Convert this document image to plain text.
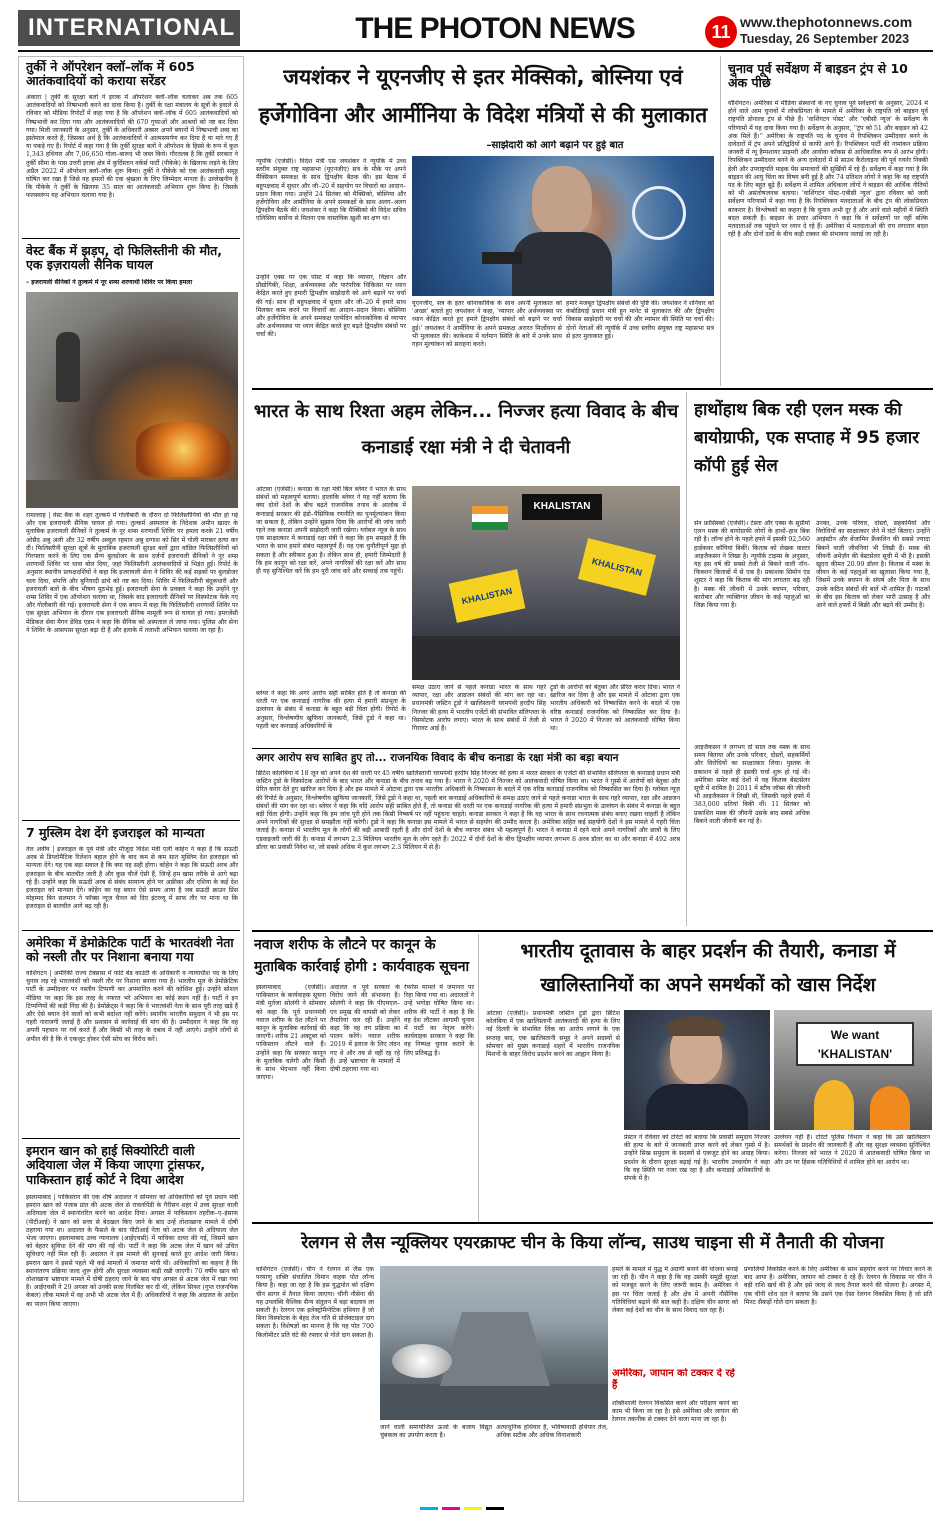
INTERNATIONAL	THE PHOTON NEWS	11 www.thephotonnews.com
Tuesday, 26 September 2023
तुर्की ने ऑपरेशन क्लॉ–लॉक में 605 आतंकवादियों को कराया सरेंडर
अंकारा | तुर्की के सुरक्षा बलों ने इराक में ऑपरेशन क्लॉ–लॉक चलाकर अब तक 605 आतंकवादियों को निष्प्रभावी करने का दावा किया है। तुर्की के रक्षा मंत्रालय के सूत्रों के हवाले से रविवार को मीडिया रिपोर्टों में कहा गया है कि ऑपरेशन क्लॉ–लॉक में 605 आतंकवादियों को निष्प्रभावी कर दिया गया और आतंकवादियों की 670 गुफाओं और आश्रयों को नष्ट कर दिया गया। मिली जानकारी के अनुसार, तुर्की के अधिकारी अक्सर अपने बयानों में निष्प्रभावी शब्द का इस्तेमाल करते हैं, जिसका अर्थ है कि आतंकवादियों ने आत्मसमर्पण कर दिया है या मारे गए हैं या पकड़े गए हैं। रिपोर्ट में कहा गया है कि तुर्की सुरक्षा बलों ने ऑपरेशन के हिस्से के रूप में कुल 1,343 हथियार और 7,06,650 गोला–बारूद भी जब्त किये। गौरतलब है कि तुर्की सरकार ने तुर्की सीमा के पास उत्तरी इराक क्षेत्र में कुर्दिस्तान वर्कर्स पार्टी (पीकेके) के खिलाफ लड़ने के लिए अप्रैल 2022 में ऑपरेशन क्लॉ–लॉक शुरू किया। तुर्की ने पीकेके को एक आतंकवादी समूह घोषित कर रखा है जिसे वह हमलों की एक श्रृंखला के लिए जिम्मेदार मानता है। उल्लेखनीय है कि पीकेके ने तुर्की के खिलाफ 35 साल का आतंकवादी अभियान शुरू किया है। जिसके फलस्वरूप यह अभियान चलाया गया है।
वेस्ट बैंक में झड़प, दो फिलिस्तीनी की मौत, एक इज़रायली सैनिक घायल
– इजरायली सैनिकों ने तुल्कर्म में नूर शम्स शरणार्थी शिविर पर किया हमला
रामल्लाह | वेस्ट बैंक के शहर तुल्कर्म में गोलीबारी के दौरान दो फिलिस्तीनियों की मौत हो गई और एक इजरायली सैनिक घायल हो गया। तुल्कर्म अस्पताल के निदेशक अमीन खादर के मुताबिक इजरायली सैनिकों ने तुल्कर्म के नूर शम्स शरणार्थी शिविर पर हमला करके 21 वर्षीय ओसैद अबु अली और 32 वर्षीय अब्दुल रहमान अबु दग्गाश को सिर में गोली मारकर हत्या कर दी। फिलिस्तीनी सुरक्षा सूत्रों के मुताबिक इजरायली सुरक्षा बलों द्वारा वांछित फिलिस्तीनियों को गिरफ्तार करने के लिए एक सैन्य बुलडोजर के साथ दर्जनों इजरायली सैनिकों ने नूर शम्स शरणार्थी शिविर पर धावा बोल दिया, जहां फिलिस्तीनी आतंकवादियों से भिड़ंत हुई। रिपोर्ट के अनुसार स्थानीय प्रत्यक्षदर्शियों ने कहा कि इजरायली सेना ने शिविर की कई सड़कों पर बुलडोजर चला दिया, संपत्ति और बुनियादी ढांचे को नष्ट कर दिया। शिविर में फिलिस्तीनी बंदूकधारी और इजरायली बलों के बीच भीषण मुठभेड़ हुई। इजरायली सेना के प्रवक्ता ने कहा कि उन्होंने नूर शम्स शिविर में एक ऑपरेशन चलाया था, जिसके बाद इजरायली सैनिकों पर विस्फोटक फेंके गए और गोलीबारी की गई। इजरायली सेना ने एक बयान में कहा कि फिलिस्तीनी शरणार्थी शिविर पर एक सुरक्षा अभियान के दौरान एक इजरायली सैनिक मामूली रूप से घायल हो गया। इमरजेंसी मेडिकल सेवा मैगन डेविड एडम ने कहा कि सैनिक को अस्पताल ले जाया गया। पुलिस और सेना ने शिविर के आसपास सुरक्षा बढ़ा दी है और इलाके में तलाशी अभियान चलाया जा रहा है।
7 मुस्लिम देश देंगे इजराइल को मान्यता
तेल अवीव | इजराइल के पूर्व मंत्री और मौजूदा विदेश मंत्री एली कोहेन ने कहा है कि सऊदी अरब से डिप्लोमैटिक रिलेशन बहाल होने के बाद कम से कम सात मुस्लिम देश इजराइल को मान्यता देंगे। यह एक बड़ा सवाल है कि क्या यह सही होगा। कोहेन ने कहा कि सऊदी अरब और इजराइल के बीच बातचीत जारी है और कुछ चीजें ऐसी हैं, जिन्हें हम खास तरीके से आगे बढ़ा रहे हैं। उन्होंने कहा कि सऊदी अरब से संबंध सामान्य होने पर अफ्रीका और एशिया के कई देश इजराइल को मान्यता देंगे। कोहेन का यह बयान ऐसे समय आया है जब सऊदी क्राउन प्रिंस मोहम्मद बिन सलमान ने फॉक्स न्यूज चैनल को दिए इंटरव्यू में साफ तौर पर माना था कि इजराइल से बातचीत आगे बढ़ रही है।
अमेरिका में डेमोक्रेटिक पार्टी के भारतवंशी नेता को नस्ली तौर पर निशाना बनाया गया
वाशिंगटन | अमेरिकी राज्य टेक्सास में फोर्ट बेंड काउंटी के अधिकारी व न्यायाधीश पद के लिए चुनाव लड़ रहे भारतवंशी को नस्ली तौर पर निशाना बनाया गया है। भारतीय मूल के डेमोक्रेटिक पार्टी के उम्मीदवार पर नस्लीय टिप्पणी कर अपमानित करने की कोशिश हुई। उन्होंने सोशल मीडिया पर कहा कि इस तरह के नफरत भरे अभियान का कोई स्थान नहीं है। पार्टी ने इन टिप्पणियों की कड़ी निंदा की है। डेमोक्रेट्स ने कहा कि वे भारतवंशी नेता के साथ पूरी तरह खड़े हैं और ऐसे बयान देने वालों को कभी बर्दाश्त नहीं करेंगे। स्थानीय भारतीय समुदाय ने भी इस पर गहरी नाराजगी जताई है और प्रशासन से कार्रवाई की मांग की है। उम्मीदवार ने कहा कि वह अपनी पहचान पर गर्व करते हैं और किसी भी तरह के दबाव में नहीं आएंगे। उन्होंने लोगों से अपील की है कि वे एकजुट होकर ऐसी सोच का विरोध करें।
इमरान खान को हाई सिक्योरिटी वाली अदियाला जेल में किया जाएगा ट्रांसफर, पाकिस्तान हाई कोर्ट ने दिया आदेश
इस्लामाबाद | पाकिस्तान की एक शीर्ष अदालत ने सोमवार को अधिकारियों को पूर्व प्रधान मंत्री इमरान खान को पंजाब प्रांत की अटक जेल से रावलपिंडी के गैरीसन शहर में उच्च सुरक्षा वाली अदियाला जेल में स्थानांतरित करने का आदेश दिया। अगस्त में पाकिस्तान तहरीक–ए–इंसाफ (पीटीआई) ने खान को सत्ता से बेदखल किए जाने के बाद उन्हें तोशाखाना मामले में दोषी ठहराया गया था। अदालत के फैसले के बाद पीटीआई नेता को अटक जेल से अदियाला जेल भेजा जाएगा। इस्लामाबाद उच्च न्यायालय (आईएचसी) में याचिका दायर की गई, जिसमें खान को बेहतर सुविधा देने की मांग की गई थी। पार्टी ने कहा कि अटक जेल में खान को उचित सुविधाएं नहीं मिल रही हैं। अदालत ने इस मामले की सुनवाई करते हुए आदेश जारी किया। इमरान खान ने इससे पहले भी कई मामलों में जमानत मांगी थी। अधिकारियों का कहना है कि स्थानांतरण प्रक्रिया जल्द शुरू होगी और सुरक्षा व्यवस्था कड़ी रखी जाएगी। 70 वर्षीय खान को तोशाखाना भ्रष्टाचार मामले में दोषी ठहराए जाने के बाद पांच अगस्त से अटक जेल में रखा गया है। आईएचसी ने 29 अगस्त को उनकी सजा निलंबित कर दी थी, लेकिन सिफर (गुप्त राजनयिक केबल) लीक मामले में वह अभी भी अटक जेल में हैं। अधिकारियों ने कहा कि अदालत के आदेश का पालन किया जाएगा।
जयशंकर ने यूएनजीए से इतर मेक्सिको, बोस्निया एवं हर्जेगोविना और आर्मीनिया के विदेश मंत्रियों से की मुलाकात
–साझेदारी को आगे बढ़ाने पर हुई बात
न्यूयॉर्क (एजेंसी)। विदेश मंत्री एस जयशंकर ने न्यूयॉर्क में उच्च स्तरीय संयुक्त राष्ट्र महासभा (यूएनजीए) सत्र के मौके पर अपने मैक्सिकन समकक्ष के साथ द्विपक्षीय बैठक की। इस बैठक में बहुपक्षवाद में सुधार और जी–20 में सहयोग पर विचारों का आदान–प्रदान किया गया। उन्होंने 24 सितंबर को मैक्सिको, बोस्निया और हर्जेगोविना और आर्मीनिया के अपने समकक्षों के साथ अलग–अलग द्विपक्षीय बैठकें कीं। जयशंकर ने कहा कि मैक्सिको की विदेश सचिव एलिसिया बार्सेना से मिलना एक वास्तविक खुशी का क्षण था।
उन्होंने एक्स पर एक पोस्ट में कहा कि व्यापार, विज्ञान और प्रौद्योगिकी, शिक्षा, अर्थव्यवस्था और पारंपरिक चिकित्सा पर ध्यान केंद्रित करते हुए हमारी द्विपक्षीय साझेदारी को आगे बढ़ाने पर चर्चा की गई। साथ ही बहुपक्षवाद में सुधार और जी–20 में हमारे साथ मिलकर काम करने पर विचारों का आदान–प्रदान किया। बोस्निया और हर्जेगोविना के अपने समकक्ष एल्मेदिन कोनाकोविक से व्यापार और अर्थव्यवस्था पर ध्यान केंद्रित करते हुए बढ़ते द्विपक्षीय संबंधों पर चर्चा की।
यूएनजीए, सत्र के इतर कोनाकोविक के साथ अपनी मुलाकात को 'अच्छा' बताते हुए जयशंकर ने कहा, 'व्यापार और अर्थव्यवस्था पर ध्यान केंद्रित करते हुए हमारे द्विपक्षीय संबंधों को बढ़ाने पर चर्चा हुई।' जयशंकर ने आर्मीनिया के अपने समकक्ष अरारत मिर्ज़ोयान से भी मुलाकात की। काकेशस में वर्तमान स्थिति के बारे में उनके साथ गहन मूल्यांकन को सराहना करते।
हमारे मजबूत द्विपक्षीय संबंधों की पुष्टि की। जयशंकर ने शनिवार को कंबोडियाई प्रधान मंत्री हुन मानेट से मुलाकात की और द्विपक्षीय विकास साझेदारी पर चर्चा की और म्यांमार की स्थिति पर चर्चा की। दोनों नेताओं की न्यूयॉर्क में उच्च स्तरीय संयुक्त राष्ट्र महासभा सत्र से इतर मुलाकात हुई।
चुनाव पूर्व सर्वेक्षण में बाइडन ट्रंप से 10 अंक पीछे
वॉशिंगटन। अमेरिका में मीडिया संस्थानों के नए चुनाव पूर्व सर्वेक्षणों के अनुसार, 2024 में होने वाले आम चुनावों में लोकप्रियता के मामले में अमेरिका के राष्ट्रपति जो बाइडन पूर्व राष्ट्रपति डोनाल्ड ट्रंप से पीछे हैं। 'वाशिंगटन पोस्ट' और 'एबीसी न्यूज' के सर्वेक्षण के परिणामों में यह दावा किया गया है। सर्वेक्षण के अनुसार, ''ट्रंप को 51 और बाइडन को 42 अंक मिले हैं।'' अमेरिका के राष्ट्रपति पद के चुनाव में रिपब्लिकन उम्मीदवार बनने के दावेदारों में ट्रंप अपने प्रतिद्वंदियों से काफी आगे हैं। रिपब्लिकन पार्टी की नामांकन प्रक्रिया जनवरी में न्यू हैम्पशायर प्राइमरी और आयोवा कॉकस से आधिकारिक रूप से आरंभ होगी। रिपब्लिकन उम्मीदवार बनने के अन्य दावेदारों में से साउथ कैरोलाइना की पूर्व गवर्नर निक्की हेली और उपराष्ट्रपति माइक पेंस समाचारों की सुर्खियों में रहे हैं। सर्वेक्षण में कहा गया है कि बाइडन की आयु चिंता का विषय बनी हुई है और 74 प्रतिशत लोगों ने कहा कि वह राष्ट्रपति पद के लिए बहुत बूढ़े हैं। सर्वेक्षण में शामिल अधिकतर लोगों ने बाइडन की आर्थिक नीतियों को भी असंतोषजनक बताया। 'वाशिंगटन पोस्ट–एबीसी न्यूज' द्वारा रविवार को जारी सर्वेक्षण परिणामों में कहा गया है कि रिपब्लिकन मतदाताओं के बीच ट्रंप की लोकप्रियता बरकरार है। विश्लेषकों का कहना है कि चुनाव अभी दूर है और आने वाले महीनों में स्थिति बदल सकती है। बाइडन के प्रचार अभियान ने कहा कि वे सर्वेक्षणों पर नहीं बल्कि मतदाताओं तक पहुंचने पर ध्यान दे रहे हैं। अमेरिका में मतदाताओं की राय लगातार बदल रही है और दोनों दलों के बीच कड़ी टक्कर की संभावना जताई जा रही है।
भारत के साथ रिश्ता अहम लेकिन... निज्जर हत्या विवाद के बीच कनाडाई रक्षा मंत्री ने दी चेतावनी
ओटावा (एजेंसी)। कनाडा के रक्षा मंत्री बिल ब्लेयर ने भारत के साथ संबंधों को महत्वपूर्ण बताया। हालांकि ब्लेयर ने यह नहीं बताया कि क्या दोनों देशों के बीच बढ़ते राजनयिक तनाव के आलोक में कनाडाई सरकार की इंडो–पैसिफिक रणनीति का पुनर्मूल्यांकन किया जा सकता है, लेकिन उन्होंने सुझाव दिया कि आरोपों की जांच जारी रहने तक कनाडा अपनी साझेदारी जारी रखेगा। ग्लोबल न्यूज के साथ एक साक्षात्कार में कनाडाई रक्षा मंत्री ने कहा कि हम समझते हैं कि भारत के साथ हमारे संबंध महत्वपूर्ण हैं। यह एक चुनौतीपूर्ण मुद्दा हो सकता है और स्वीकार हुआ है। लेकिन साथ ही, हमारी जिम्मेदारी है कि हम कानून को रक्षा करें, अपने नागरिकों की रक्षा करें और साथ ही यह सुनिश्चित करें कि हम पूरी जांच करें और सच्चाई तक पहुंचें।
ब्लेयर ने कहा कि अगर आरोप सही साबित होते हैं तो कनाडा की धरती पर एक कनाडाई नागरिक की हत्या में हमारी संप्रभुता के उल्लंघन के संबंध में कनाडा के बहुत बड़ी चिंता होगी। रिपोर्ट के अनुसार, विश्लेषणीय खुफिया जानकारी, जिसे ट्रूडो ने कहा था। पहली बार कनाडाई अधिकारियों के
KHALISTAN
KHALISTAN
KHALISTAN
समक्ष उठाए जाने से पहले कनाडा भारत के साथ गहरे व्यापार, रक्षा और आव्रजन संबंधों की मांग कर रहा था। प्रधानमंत्री जस्टिन ट्रूडो ने खालिस्तानी चरमपंथी हरदीप सिंह निज्जर की हत्या में भारतीय एजेंटों की संभावित संलिप्तता के विस्फोटक आरोप लगाए। भारत के साथ संबंधों में तेजी से गिरावट आई है।
ट्रूडो के आरोपों को बेतुका और प्रेरित करार दिया। भारत ने खारिज कर दिया है और इस मामले में ओटावा द्वारा एक भारतीय अधिकारी को निष्कासित करने के बदले में एक वरिष्ठ कनाडाई राजनयिक को निष्कासित कर दिया है। भारत ने 2020 में निज्जर को आतंकवादी घोषित किया था।
अगर आरोप सच साबित हुए तो... राजनयिक विवाद के बीच कनाडा के रक्षा मंत्री का बड़ा बयान
ब्रिटिश कोलंबिया में 18 जून को अपने देश की धरती पर 45 वर्षीय खालिस्तानी चरमपंथी हरदीप सिंह निज्जर की हत्या में भारत सरकार के एजेंटों की संभावित संलिप्तता के कनाडाई प्रधान मंत्री जस्टिन ट्रूडो के विस्फोटक आरोपों के बाद भारत और कनाडा के बीच तनाव बढ़ गया है। भारत ने 2020 में निज्जर को आतंकवादी घोषित किया था। भारत ने गुस्से में आरोपों को बेतुका और प्रेरित करार देते हुए खारिज कर दिया है और इस मामले में ओटावा द्वारा एक भारतीय अधिकारी के निष्कासन के बदले में एक वरिष्ठ कनाडाई राजनयिक को निष्कासित कर दिया है। ग्लोबल न्यूज़ की रिपोर्ट के अनुसार, विश्लेषणीय खुफिया जानकारी, जिसे ट्रूडो ने कहा था, पहली बार कनाडाई अधिकारियों के समक्ष उठाए जाने से पहले कनाडा भारत के साथ गहरे व्यापार, रक्षा और आव्रजन संबंधों की मांग कर रहा था। ब्लेयर ने कहा कि यदि आरोप सही साबित होते हैं, तो कनाडा की धरती पर एक कनाडाई नागरिक की हत्या में हमारी संप्रभुता के उल्लंघन के संबंध में कनाडा के बहुत बड़ी चिंता होगी। उन्होंने कहा कि हम जांच पूरी होने तक किसी निष्कर्ष पर नहीं पहुंचना चाहते। कनाडा सरकार ने कहा है कि वह भारत के साथ रचनात्मक संबंध बनाए रखना चाहती है लेकिन अपने नागरिकों की सुरक्षा से समझौता नहीं करेगी। ट्रूडो ने कहा कि कनाडा इस मामले में भारत से सहयोग की उम्मीद करता है। अमेरिका सहित कई सहयोगी देशों ने इस मामले में गहरी चिंता जताई है। कनाडा में भारतीय मूल के लोगों की बड़ी आबादी रहती है और दोनों देशों के बीच व्यापार संबंध भी महत्वपूर्ण हैं। भारत ने कनाडा में रहने वाले अपने नागरिकों और छात्रों के लिए एडवाइजरी जारी की है। कनाडा में लगभग 2.3 मिलियन भारतीय मूल के लोग रहते हैं। 2022 में दोनों देशों के बीच द्विपक्षीय व्यापार लगभग 8 अरब डॉलर का था और कनाडा में 492 अरब डॉलर का प्रवासी निवेश था, जो सबसे अधिक में कुल लगभग 2.3 मिलियन में से है।
हाथोंहाथ बिक रही एलन मस्क की बायोग्राफी, एक सप्ताह में 95 हजार कॉपी हुई सेल
सेन फ्रांसिस्को (एजेंसी)। टेस्ला और एक्स के सुप्रीमो एलन मस्क की बायोग्राफी लोगों के हाथों–हाथ बिक रही है। लॉन्च होने के पहले हफ्ते में इसकी 92,560 हार्डकवर कॉपियां बिकीं। किताब को लेखक वाल्टर आइजैकसन ने लिखा है। न्यूयॉर्क टाइम्स के अनुसार, यह इस वर्ष की सबसे तेजी से बिकने वाली नॉन–फिक्शन किताबों में से एक है। प्रकाशक सिमोन एंड शूस्टर ने कहा कि किताब की मांग लगातार बढ़ रही है। मस्क की जीवनी में उनके बचपन, परिवार, कारोबार और व्यक्तिगत जीवन के कई पहलुओं का जिक्र किया गया है।
आइजैकसन ने लगभग दो साल तक मस्क के साथ समय बिताया और उनके परिवार, दोस्तों, सहकर्मियों और विरोधियों का साक्षात्कार लिया। पुस्तक के प्रकाशन से पहले ही इसकी चर्चा शुरू हो गई थी। अमेरिका समेत कई देशों में यह किताब बेस्टसेलर सूची में शामिल है। 2011 में स्टीव जॉब्स की जीवनी भी आइजैकसन ने लिखी थी, जिसकी पहले हफ्ते में 383,000 प्रतियां बिकी थीं। 11 सितंबर को प्रकाशित मस्क की जीवनी उसके बाद सबसे अधिक बिकने वाली जीवनी बन गई है।
उनका, उनके परिवार, दोस्तों, सहकर्मियों और विरोधियों का साक्षात्कार लेने में घंटों बिताए। उन्होंने आइंस्टीन और बेंजामिन फ्रैंकलिन की सबसे ज्यादा बिकने वाली जीवनियां भी लिखी हैं। मस्क की जीवनी अमेज़ॅन की बेस्टसेलर सूची में भी है। इसकी खुदरा कीमत 20.99 डॉलर है। किताब में मस्क के जीवन के कई पहलुओं का खुलासा किया गया है, जिसमें उनके बचपन के संघर्ष और पिता के साथ उनके कठिन संबंधों की बातें भी शामिल हैं। पाठकों के बीच इस किताब को लेकर भारी उत्साह है और आने वाले हफ्तों में बिक्री और बढ़ने की उम्मीद है।
नवाज शरीफ के लौटने पर कानून के मुताबिक कार्रवाई होगी : कार्यवाहक सूचना
इस्लामाबाद (एजेंसी)। पाकिस्तान के कार्यवाहक सूचना मंत्री मुर्तजा सोलंगी ने सोमवार को कहा कि पूर्व प्रधानमंत्री नवाज शरीफ के देश लौटने पर कानून के मुताबिक कार्रवाई की जाएगी। शरीफ 21 अक्टूबर को पाकिस्तान लौटने वाले हैं। उन्होंने कहा कि सरकार कानून के मुताबिक चलेगी और किसी के साथ भेदभाव नहीं किया जाएगा।
अदालत व पूर्व सरकार के विरोध जाने की संभावना है। सोलंगी ने कहा कि पीएमएल–एन प्रमुख की वापसी को लेकर तैयारियां चल रही हैं। उन्होंने कहा कि वह तय प्रक्रिया का पालन करेंगे। नवाज शरीफ 2019 में इलाज के लिए लंदन गए थे और तब से वहीं रह रहे हैं। उन्हें भ्रष्टाचार के मामलों में दोषी ठहराया गया था।
रेफरेंस मामले में जमानत पर रिहा किया गया था। अदालतों ने उन्हें भगोड़ा घोषित किया था। शरीफ की पार्टी ने कहा है कि वह देश लौटकर आगामी चुनाव में पार्टी का नेतृत्व करेंगे। कार्यवाहक सरकार ने कहा कि वह निष्पक्ष चुनाव कराने के लिए प्रतिबद्ध है।
भारतीय दूतावास के बाहर प्रदर्शन की तैयारी, कनाडा में खालिस्तानियों का अपने समर्थकों को खास निर्देश
ओटावा (एजेंसी)। प्रधानमंत्री जस्टिन ट्रूडो द्वारा ब्रिटिश कोलंबिया में एक खालिस्तानी आतंकवादी की हत्या के लिए नई दिल्ली के संभावित लिंक का आरोप लगाने के एक सप्ताह बाद, एक खालिस्तानी समूह ने अपने सदस्यों से सोमवार को मुख्य कनाडाई शहरों में भारतीय राजनयिक मिशनों के बाहर विरोध प्रदर्शन करने का आह्वान किया है।
We want 'KHALISTAN'
प्रेस्टन ने रविवार को टोरंटो को बताया कि प्रवासी समुदाय निज्जर की हत्या के बारे में जानकारी प्राप्त करने को लेकर गुस्से में है। उन्होंने सिख समुदाय के सदस्यों से एकजुट होने का आग्रह किया। प्रदर्शन के दौरान सुरक्षा बढ़ाई गई है। भारतीय उच्चायोग ने कहा कि वह स्थिति पर नजर रख रहा है और कनाडाई अधिकारियों के संपर्क में है।
उल्लंघन नहीं है। टोरंटो पुलिस विभाग ने कहा कि उसे खालिस्तान समर्थकों के प्रदर्शन की जानकारी है और वह सुरक्षा व्यवस्था सुनिश्चित करेगा। निज्जर को भारत ने 2020 में आतंकवादी घोषित किया था और उन पर हिंसक गतिविधियों में शामिल होने का आरोप था।
रेलगन से लैस न्यूक्लियर एयरक्राफ्ट चीन के किया लॉन्च, साउथ चाइना सी में तैनाती की योजना
वाशिंगटन (एजेंसी)। चीन ने रेलगन से लैस एक परमाणु शक्ति संचालित विमान वाहक पोत लॉन्च किया है। कहा जा रहा है कि इस युद्धपोत को दक्षिण चीन सागर में तैनात किया जाएगा। चीनी नौसेना की यह उपलब्धि वैश्विक सैन्य संतुलन में बड़ा बदलाव ला सकती है। रेलगन एक इलेक्ट्रोमैग्नेटिक हथियार है जो बिना विस्फोटक के बेहद तेज गति से प्रोजेक्टाइल दाग सकता है। विशेषज्ञों का मानना है कि यह पोत 700 किलोमीटर प्रति घंटे की रफ्तार से गोले दाग सकता है।
हमले के मामले में युद्ध में अग्रणी बनाने की योजना बनाई जा रही है। चीन ने कहा है कि यह उसकी समुद्री सुरक्षा को मजबूत करने के लिए जरूरी कदम है। अमेरिका ने इस पर चिंता जताई है और क्षेत्र में अपनी नौसैनिक गतिविधियां बढ़ाने की बात कही है। दक्षिण चीन सागर को लेकर कई देशों का चीन के साथ विवाद चल रहा है।
अमेरिका, जापान को टक्कर दे रहे हैं
शक्तिशाली रेलगन विकसित करने और परीक्षण करने का काम भी किया जा रहा है। इसे अमेरिका और जापान की रेलगन तकनीक से टक्कर देने वाला माना जा रहा है।
प्रणालियों विकसित करने के लिए अमेरिका के साथ सहयोग करने पर विचार करने के बाद आया है। अमेरिका, जापान को टक्कर दे रहे हैं। रेलगन के विकास पर चीन ने बड़ी राशि खर्च की है और इसे जल्द से जल्द तैनात करने की योजना है। अगस्त में, एक चीनी शोध दल ने बताया कि उसने एक ऐसा रेलगन विकसित किया है जो प्रति मिनट सैकड़ों गोले दाग सकता है।
जाने वाली समायोजित ऊर्जा के बजाय विद्युत चुंबकत्व का उपयोग करता है।
अत्याधुनिक हथियार है, भविष्यवादी हथियार तेज, अधिक सटीक और अधिक विनाशकारी
